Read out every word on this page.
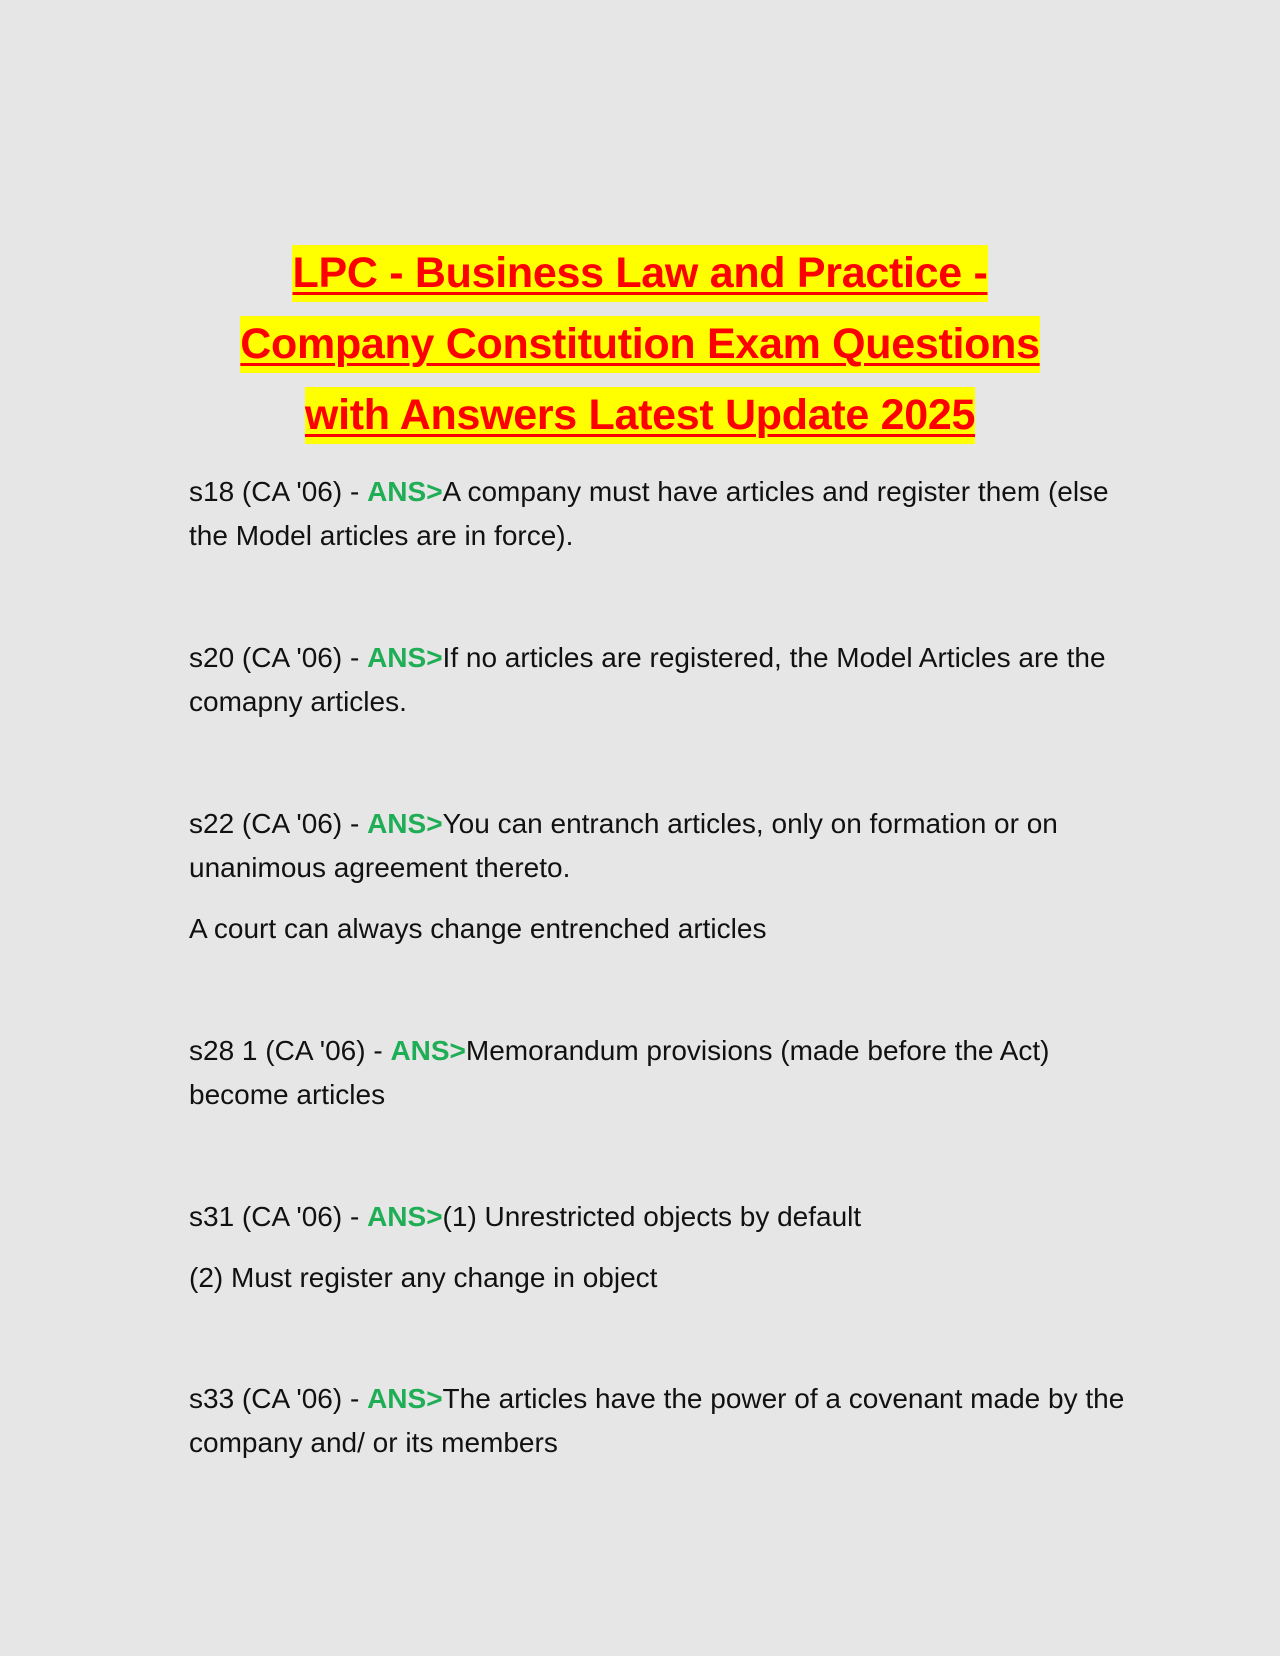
LPC - Business Law and Practice -
Company Constitution Exam Questions
with Answers Latest Update 2025

s18 (CA '06) - ANS>A company must have articles and register them (else the Model articles are in force).

s20 (CA '06) - ANS>If no articles are registered, the Model Articles are the comapny articles.

s22 (CA '06) - ANS>You can entranch articles, only on formation or on unanimous agreement thereto.

A court can always change entrenched articles

s28 1 (CA '06) - ANS>Memorandum provisions (made before the Act) become articles

s31 (CA '06) - ANS>(1) Unrestricted objects by default

(2) Must register any change in object

s33 (CA '06) - ANS>The articles have the power of a covenant made by the company and/ or its members
